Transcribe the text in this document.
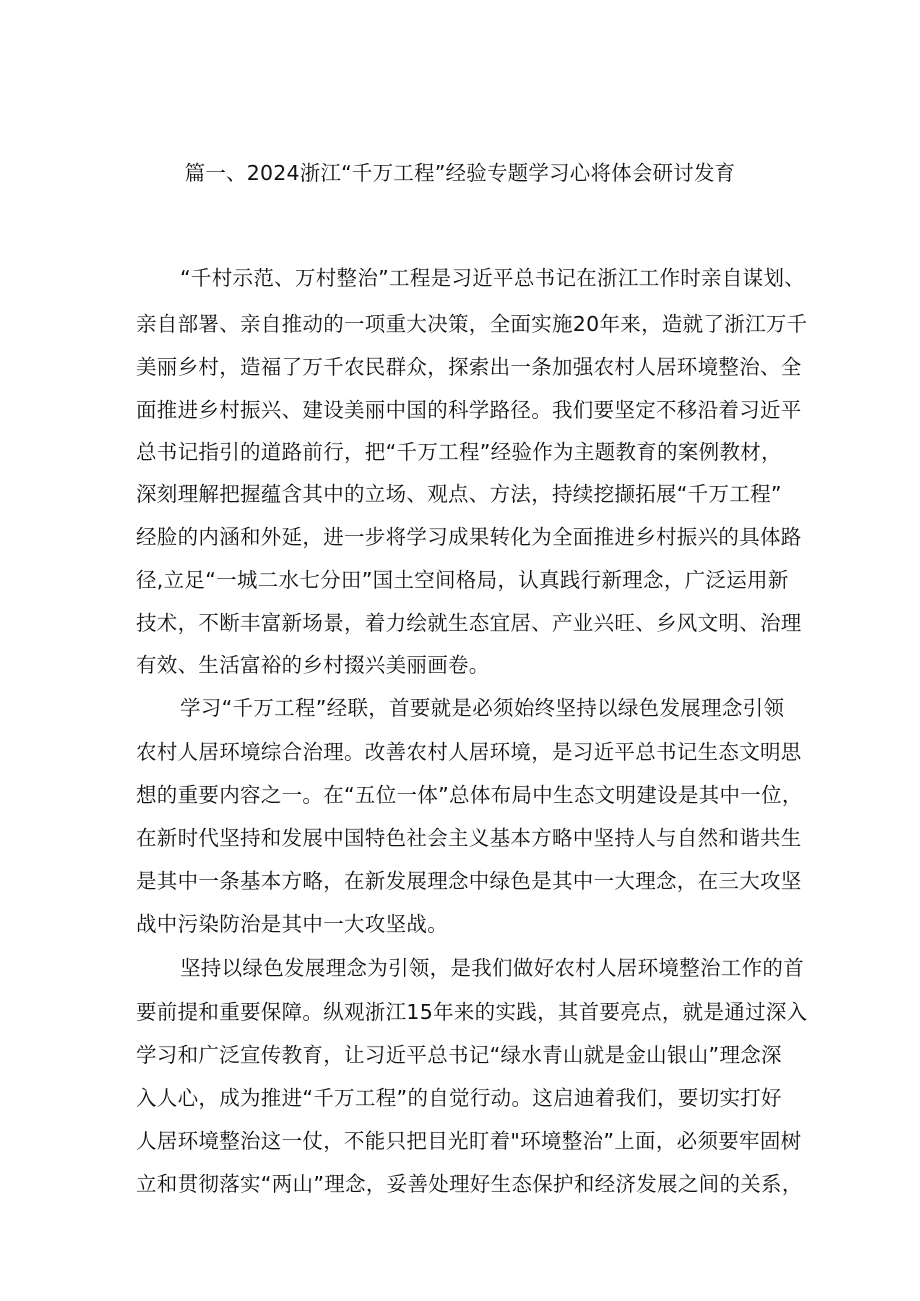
篇一、2024浙江“千万工程”经验专题学习心将体会研讨发育
“千村示范、万村整治”工程是习近平总书记在浙江工作时亲自谋划、
亲自部署、亲自推动的一项重大决策，全面实施20年来，造就了浙江万千
美丽乡村，造福了万千农民群众，探索出一条加强农村人居环境整治、全
面推进乡村振兴、建设美丽中国的科学路径。我们要坚定不移沿着习近平
总书记指引的道路前行，把“千万工程”经验作为主题教育的案例教材，
深刻理解把握蕴含其中的立场、观点、方法，持续挖撷拓展“千万工程”
经脸的内涵和外延，进一步将学习成果转化为全面推进乡村振兴的具体路
径,立足“一城二水七分田”国土空间格局，认真践行新理念，广泛运用新
技术，不断丰富新场景，着力绘就生态宜居、产业兴旺、乡风文明、治理
有效、生活富裕的乡村掇兴美丽画卷。
学习“千万工程”经联，首要就是必须始终坚持以绿色发展理念引领
农村人居环境综合治理。改善农村人居环境，是习近平总书记生态文明思
想的重要内容之一。在“五位一体”总体布局中生态文明建设是其中一位，
在新时代坚持和发展中国特色社会主义基本方略中坚持人与自然和谐共生
是其中一条基本方略，在新发展理念中绿色是其中一大理念，在三大攻坚
战中污染防治是其中一大攻坚战。
坚持以绿色发展理念为引领，是我们做好农村人居环境整治工作的首
要前提和重要保障。纵观浙江15年来的实践，其首要亮点，就是通过深入
学习和广泛宣传教育，让习近平总书记“绿水青山就是金山银山”理念深
入人心，成为推进“千万工程”的自觉行动。这启迪着我们，要切实打好
人居环境整治这一仗，不能只把目光盯着"环境整治”上面，必须要牢固树
立和贯彻落实“两山”理念，妥善处理好生态保护和经济发展之间的关系，
